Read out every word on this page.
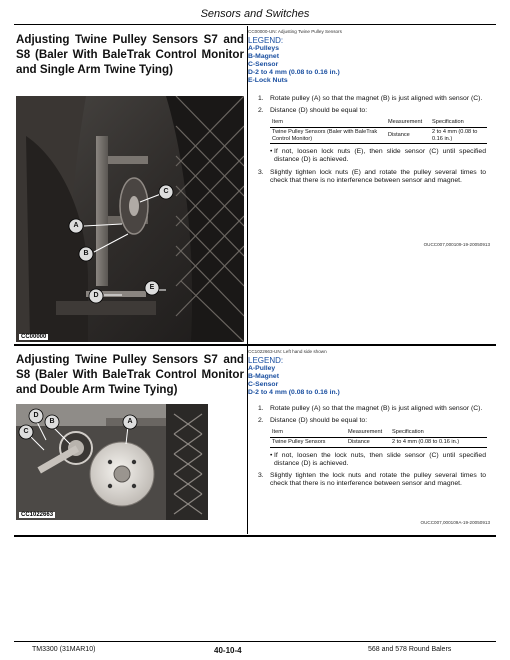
Sensors and Switches
Adjusting Twine Pulley Sensors S7 and S8 (Baler With BaleTrak Control Monitor and Single Arm Twine Tying)
C
A
B
D
E
CC00000
CC00000-UN: Adjusting Twine Pulley Sensors
LEGEND:
A-Pulleys
B-Magnet
C-Sensor
D-2 to 4 mm (0.08 to 0.16 in.)
E-Lock Nuts
1. Rotate pulley (A) so that the magnet (B) is just aligned with sensor (C).
2. Distance (D) should be equal to:
Item	Measurement	Specification
Twine Pulley Sensors (Baler with BaleTrak Control Monitor)	Distance	2 to 4 mm (0.08 to 0.16 in.)
• If not, loosen lock nuts (E), then slide sensor (C) until specified distance (D) is achieved.
3. Slightly tighten lock nuts (E) and rotate the pulley several times to check that there is no interference between sensor and magnet.
OUCC007,000109-19-20050913
Adjusting Twine Pulley Sensors S7 and S8 (Baler With BaleTrak Control Monitor and Double Arm Twine Tying)
D
C
B	A
CC1022663
CC1022663-UN: Left hand side shown
LEGEND:
A-Pulley
B-Magnet
C-Sensor
D-2 to 4 mm (0.08 to 0.16 in.)
1. Rotate pulley (A) so that the magnet (B) is just aligned with sensor (C).
2. Distance (D) should be equal to:
Item	Measurement	Specification
Twine Pulley Sensors	Distance	2 to 4 mm (0.08 to 0.16 in.)
• If not, loosen the lock nuts, then slide sensor (C) until specified distance (D) is achieved.
3. Slightly tighten the lock nuts and rotate the pulley several times to check that there is no interference between sensor and magnet.
OUCC007,000109A-19-20050913
TM3300 (31MAR10)	40-10-4	568 and 578 Round Balers
